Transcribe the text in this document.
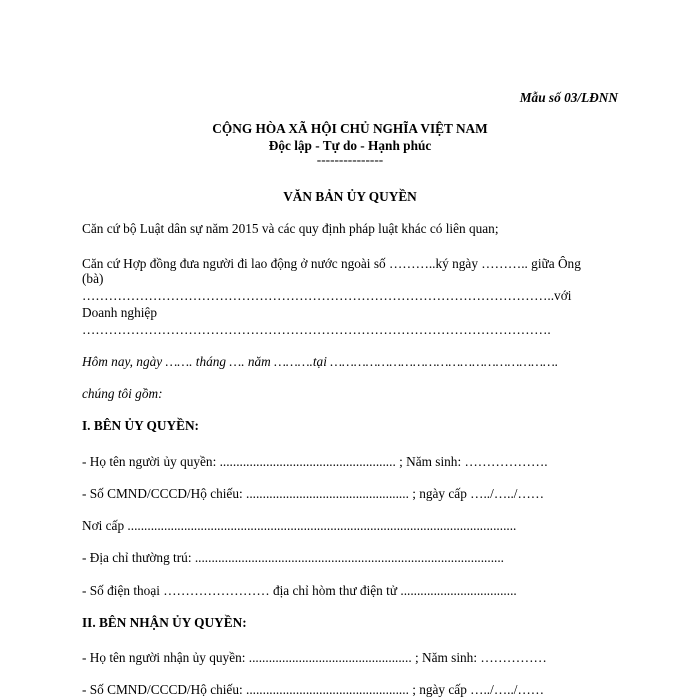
Mẫu số 03/LĐNN
CỘNG HÒA XÃ HỘI CHỦ NGHĨA VIỆT NAM
Độc lập - Tự do - Hạnh phúc
---------------
VĂN BẢN ỦY QUYỀN
Căn cứ bộ Luật dân sự năm 2015 và các quy định pháp luật khác có liên quan;
Căn cứ Hợp đồng đưa người đi lao động ở nước ngoài số ………..ký ngày ……….. giữa Ông
(bà)
……………………………………………………………………………………………..với
Doanh nghiệp
…………………………………………………………………………………………….
Hôm nay, ngày ……. tháng …. năm ……….tại ………………………………………………….
chúng tôi gồm:
I. BÊN ỦY QUYỀN:
- Họ tên người ủy quyền: ..................................................... ; Năm sinh: ……………….
- Số CMND/CCCD/Hộ chiếu: ................................................. ; ngày cấp …../…../……
Nơi cấp .....................................................................................................................
- Địa chỉ thường trú: .............................................................................................
- Số điện thoại …………………… địa chỉ hòm thư điện tử ...................................
II. BÊN NHẬN ỦY QUYỀN:
- Họ tên người nhận ủy quyền: ................................................. ; Năm sinh: ……………
- Số CMND/CCCD/Hộ chiếu: ................................................. ; ngày cấp …../…../……
